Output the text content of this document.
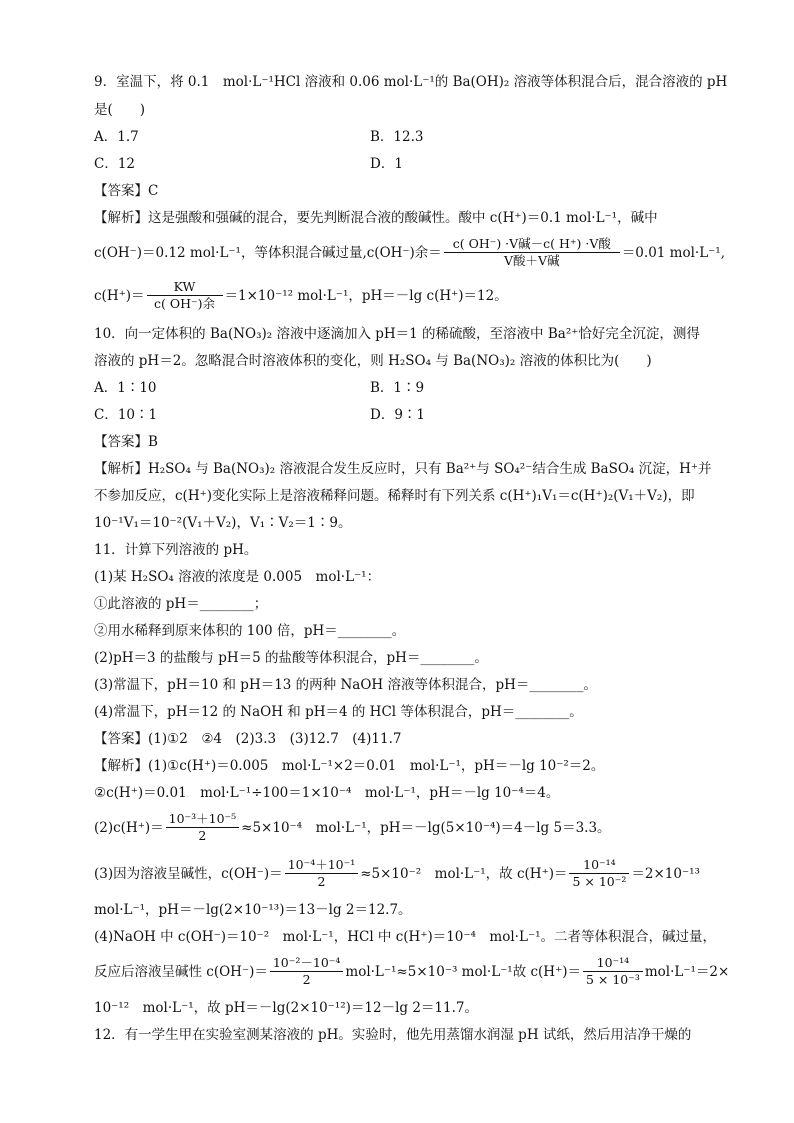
9．室温下，将 0.1　mol·L⁻¹HCl 溶液和 0.06 mol·L⁻¹的 Ba(OH)₂ 溶液等体积混合后，混合溶液的 pH
是(　　)
A．1.7	B．12.3
C．12	D．1
【答案】C
【解析】这是强酸和强碱的混合，要先判断混合液的酸碱性。酸中 c(H⁺)＝0.1 mol·L⁻¹，碱中
c(OH⁻)＝0.12 mol·L⁻¹，等体积混合碱过量,c(OH⁻)余＝ $\frac{\text{c( OH⁻) ·V碱－c( H⁺) ·V酸}}{\text{V酸＋V碱}} =0.01$ mol·L⁻¹,
$c(H^+)= \frac{KW}{\text{c( OH⁻)余}} =1\times 10^{-12}$ mol·L⁻¹，pH＝－lg c(H⁺)＝12。
10．向一定体积的 Ba(NO₃)₂ 溶液中逐滴加入 pH＝1 的稀硫酸，至溶液中 Ba²⁺恰好完全沉淀，测得
溶液的 pH＝2。忽略混合时溶液体积的变化，则 H₂SO₄ 与 Ba(NO₃)₂ 溶液的体积比为(　　)
A．1∶10	B．1∶9
C．10∶1	D．9∶1
【答案】B
【解析】H₂SO₄ 与 Ba(NO₃)₂ 溶液混合发生反应时，只有 Ba²⁺与 SO₄²⁻结合生成 BaSO₄ 沉淀，H⁺并
不参加反应，c(H⁺)变化实际上是溶液稀释问题。稀释时有下列关系 c(H⁺)₁V₁＝c(H⁺)₂(V₁＋V₂)，即
10⁻¹V₁＝10⁻²(V₁＋V₂)，V₁∶V₂＝1∶9。
11．计算下列溶液的 pH。
(1)某 H₂SO₄ 溶液的浓度是 0.005　mol·L⁻¹：
①此溶液的 pH＝________；
②用水稀释到原来体积的 100 倍，pH＝________。
(2)pH＝3 的盐酸与 pH＝5 的盐酸等体积混合，pH＝________。
(3)常温下，pH＝10 和 pH＝13 的两种 NaOH 溶液等体积混合，pH＝________。
(4)常温下，pH＝12 的 NaOH 和 pH＝4 的 HCl 等体积混合，pH＝________。
【答案】(1)①2　②4　(2)3.3　(3)12.7　(4)11.7
【解析】(1)①c(H⁺)＝0.005　mol·L⁻¹×2＝0.01　mol·L⁻¹，pH＝－lg 10⁻²＝2。
②c(H⁺)＝0.01　mol·L⁻¹÷100＝1×10⁻⁴　mol·L⁻¹，pH＝－lg 10⁻⁴＝4。
$(2)c(H^+)= \frac{\text{10⁻³＋10⁻⁵}}{2} \approx 5\times 10^{-4}$　mol·L⁻¹，pH＝－lg(5×10⁻⁴)＝4－lg 5＝3.3。
(3)因为溶液呈碱性，$c(OH^-)= \frac{\text{10⁻⁴＋10⁻¹}}{2} \approx 5\times 10^{-2}$　mol·L⁻¹，故 $c(H^+)= \frac{\text{10⁻¹⁴}}{\text{5 × 10⁻²}} =2\times 10^{-13}$
mol·L⁻¹，pH＝－lg(2×10⁻¹³)＝13－lg 2＝12.7。
(4)NaOH 中 c(OH⁻)＝10⁻²　mol·L⁻¹，HCl 中 c(H⁺)＝10⁻⁴　mol·L⁻¹。二者等体积混合，碱过量，
反应后溶液呈碱性 $c(OH^-)= \frac{\text{10⁻²－10⁻⁴}}{2} mol\cdot L^{-1}\approx 5\times 10^{-3}$ mol·L⁻¹故 $c(H^+)= \frac{\text{10⁻¹⁴}}{\text{5 × 10⁻³}} mol\cdot L^{-1}=2\times$
10⁻¹²　mol·L⁻¹，故 pH＝－lg(2×10⁻¹²)＝12－lg 2＝11.7。
12．有一学生甲在实验室测某溶液的 pH。实验时，他先用蒸馏水润湿 pH 试纸，然后用洁净干燥的
